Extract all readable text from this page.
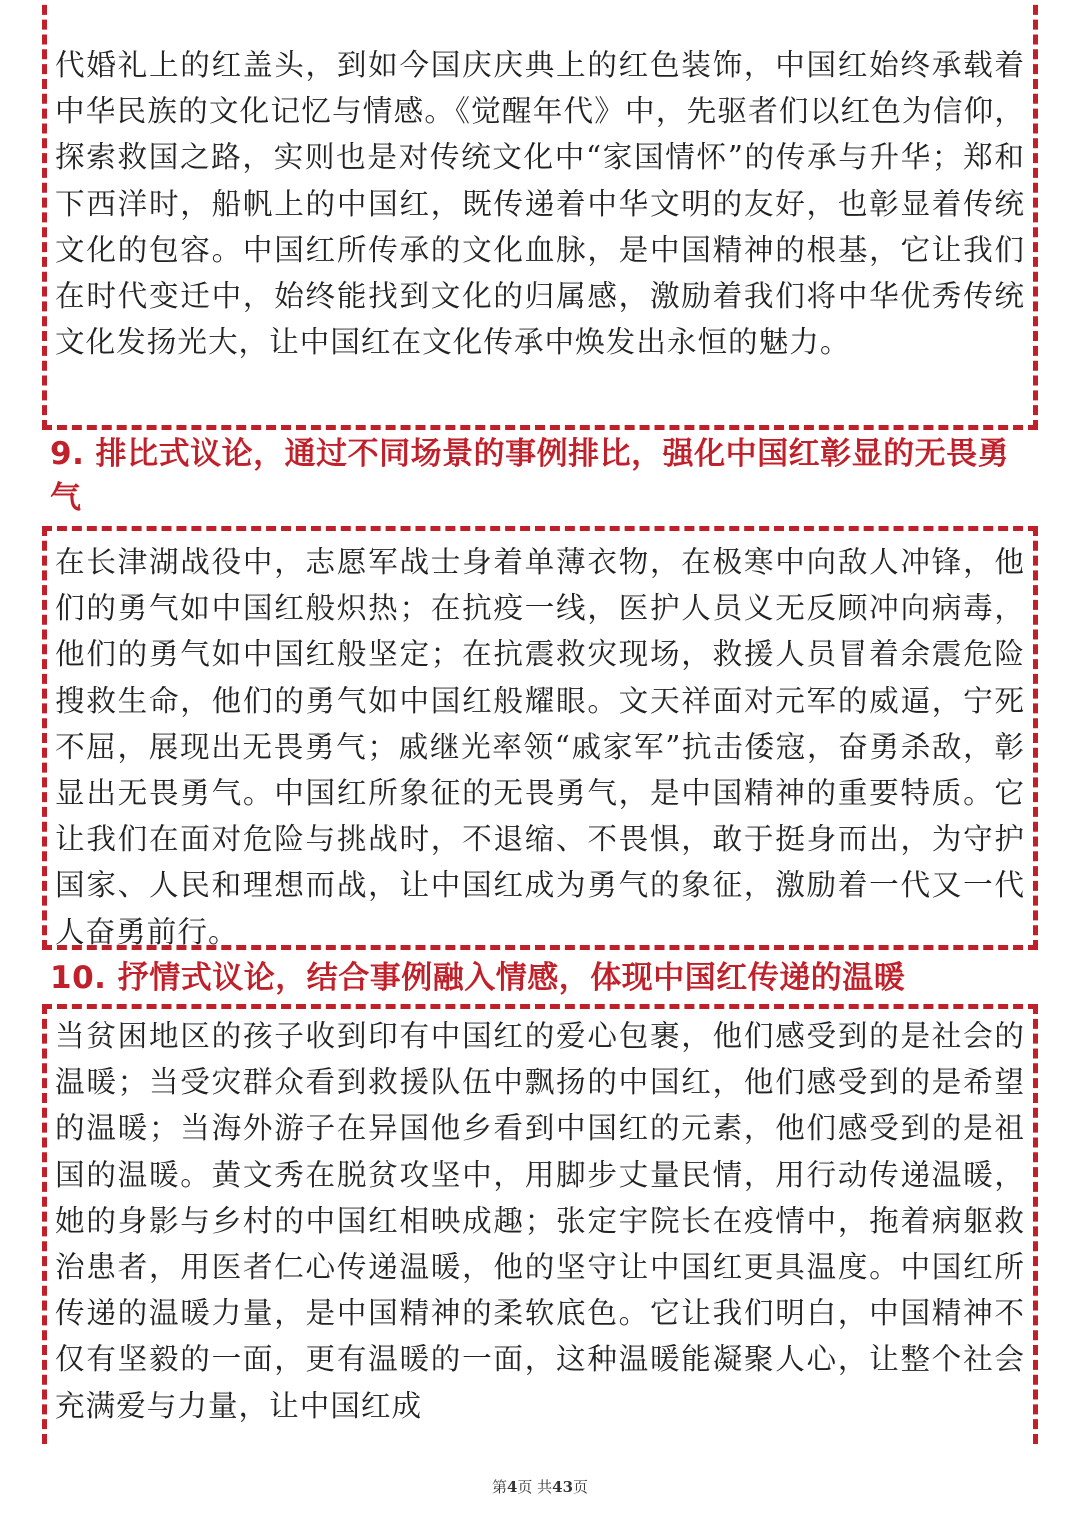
代婚礼上的红盖头，到如今国庆庆典上的红色装饰，中国红始终承载着中华民族的文化记忆与情感。《觉醒年代》中，先驱者们以红色为信仰，探索救国之路，实则也是对传统文化中“家国情怀”的传承与升华；郑和下西洋时，船帆上的中国红，既传递着中华文明的友好，也彰显着传统文化的包容。中国红所传承的文化血脉，是中国精神的根基，它让我们在时代变迁中，始终能找到文化的归属感，激励着我们将中华优秀传统文化发扬光大，让中国红在文化传承中焕发出永恒的魅力。

9. 排比式议论，通过不同场景的事例排比，强化中国红彰显的无畏勇气

在长津湖战役中，志愿军战士身着单薄衣物，在极寒中向敌人冲锋，他们的勇气如中国红般炽热；在抗疫一线，医护人员义无反顾冲向病毒，他们的勇气如中国红般坚定；在抗震救灾现场，救援人员冒着余震危险搜救生命，他们的勇气如中国红般耀眼。文天祥面对元军的威逼，宁死不屈，展现出无畏勇气；戚继光率领“戚家军”抗击倭寇，奋勇杀敌，彰显出无畏勇气。中国红所象征的无畏勇气，是中国精神的重要特质。它让我们在面对危险与挑战时，不退缩、不畏惧，敢于挺身而出，为守护国家、人民和理想而战，让中国红成为勇气的象征，激励着一代又一代人奋勇前行。

10. 抒情式议论，结合事例融入情感，体现中国红传递的温暖

当贫困地区的孩子收到印有中国红的爱心包裹，他们感受到的是社会的温暖；当受灾群众看到救援队伍中飘扬的中国红，他们感受到的是希望的温暖；当海外游子在异国他乡看到中国红的元素，他们感受到的是祖国的温暖。黄文秀在脱贫攻坚中，用脚步丈量民情，用行动传递温暖，她的身影与乡村的中国红相映成趣；张定宇院长在疫情中，拖着病躯救治患者，用医者仁心传递温暖，他的坚守让中国红更具温度。中国红所传递的温暖力量，是中国精神的柔软底色。它让我们明白，中国精神不仅有坚毅的一面，更有温暖的一面，这种温暖能凝聚人心，让整个社会充满爱与力量，让中国红成

第4页 共43页
